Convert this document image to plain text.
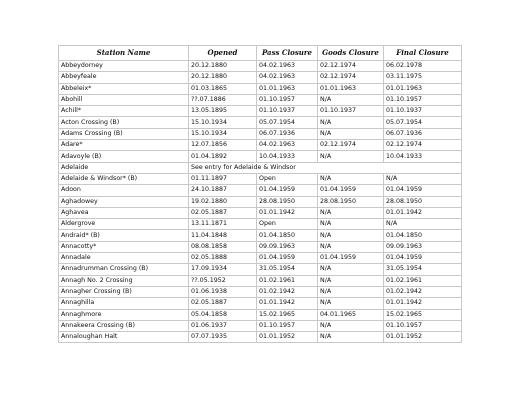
Station Name	Opened	Pass Closure	Goods Closure	Final Closure
Abbeydorney	20.12.1880	04.02.1963	02.12.1974	06.02.1978
Abbeyfeale	20.12.1880	04.02.1963	02.12.1974	03.11.1975
Abbeleix*	01.03.1865	01.01.1963	01.01.1963	01.01.1963
Abohill	??.07.1886	01.10.1957	N/A	01.10.1957
Achill*	13.05.1895	01.10.1937	01.10.1937	01.10.1937
Acton Crossing (B)	15.10.1934	05.07.1954	N/A	05.07.1954
Adams Crossing (B)	15.10.1934	06.07.1936	N/A	06.07.1936
Adare*	12.07.1856	04.02.1963	02.12.1974	02.12.1974
Adavoyle (B)	01.04.1892	10.04.1933	N/A	10.04.1933
Adelaide	See entry for Adelaide & Windsor			
Adelaide & Windsor* (B)	01.11.1897	Open	N/A	N/A
Adoon	24.10.1887	01.04.1959	01.04.1959	01.04.1959
Aghadowey	19.02.1880	28.08.1950	28.08.1950	28.08.1950
Aghavea	02.05.1887	01.01.1942	N/A	01.01.1942
Aldergrove	13.11.1871	Open	N/A	N/A
Andraid* (B)	11.04.1848	01.04.1850	N/A	01.04.1850
Annacotty*	08.08.1858	09.09.1963	N/A	09.09.1963
Annadale	02.05.1888	01.04.1959	01.04.1959	01.04.1959
Annadrumman Crossing (B)	17.09.1934	31.05.1954	N/A	31.05.1954
Annagh No. 2 Crossing	??.05.1952	01.02.1961	N/A	01.02.1961
Annagher Crossing (B)	01.06.1938	01.02.1942	N/A	01.02.1942
Annaghilla	02.05.1887	01.01.1942	N/A	01.01.1942
Annaghmore	05.04.1858	15.02.1965	04.01.1965	15.02.1965
Annakeera Crossing (B)	01.06.1937	01.10.1957	N/A	01.10.1957
Annaloughan Halt	07.07.1935	01.01.1952	N/A	01.01.1952
